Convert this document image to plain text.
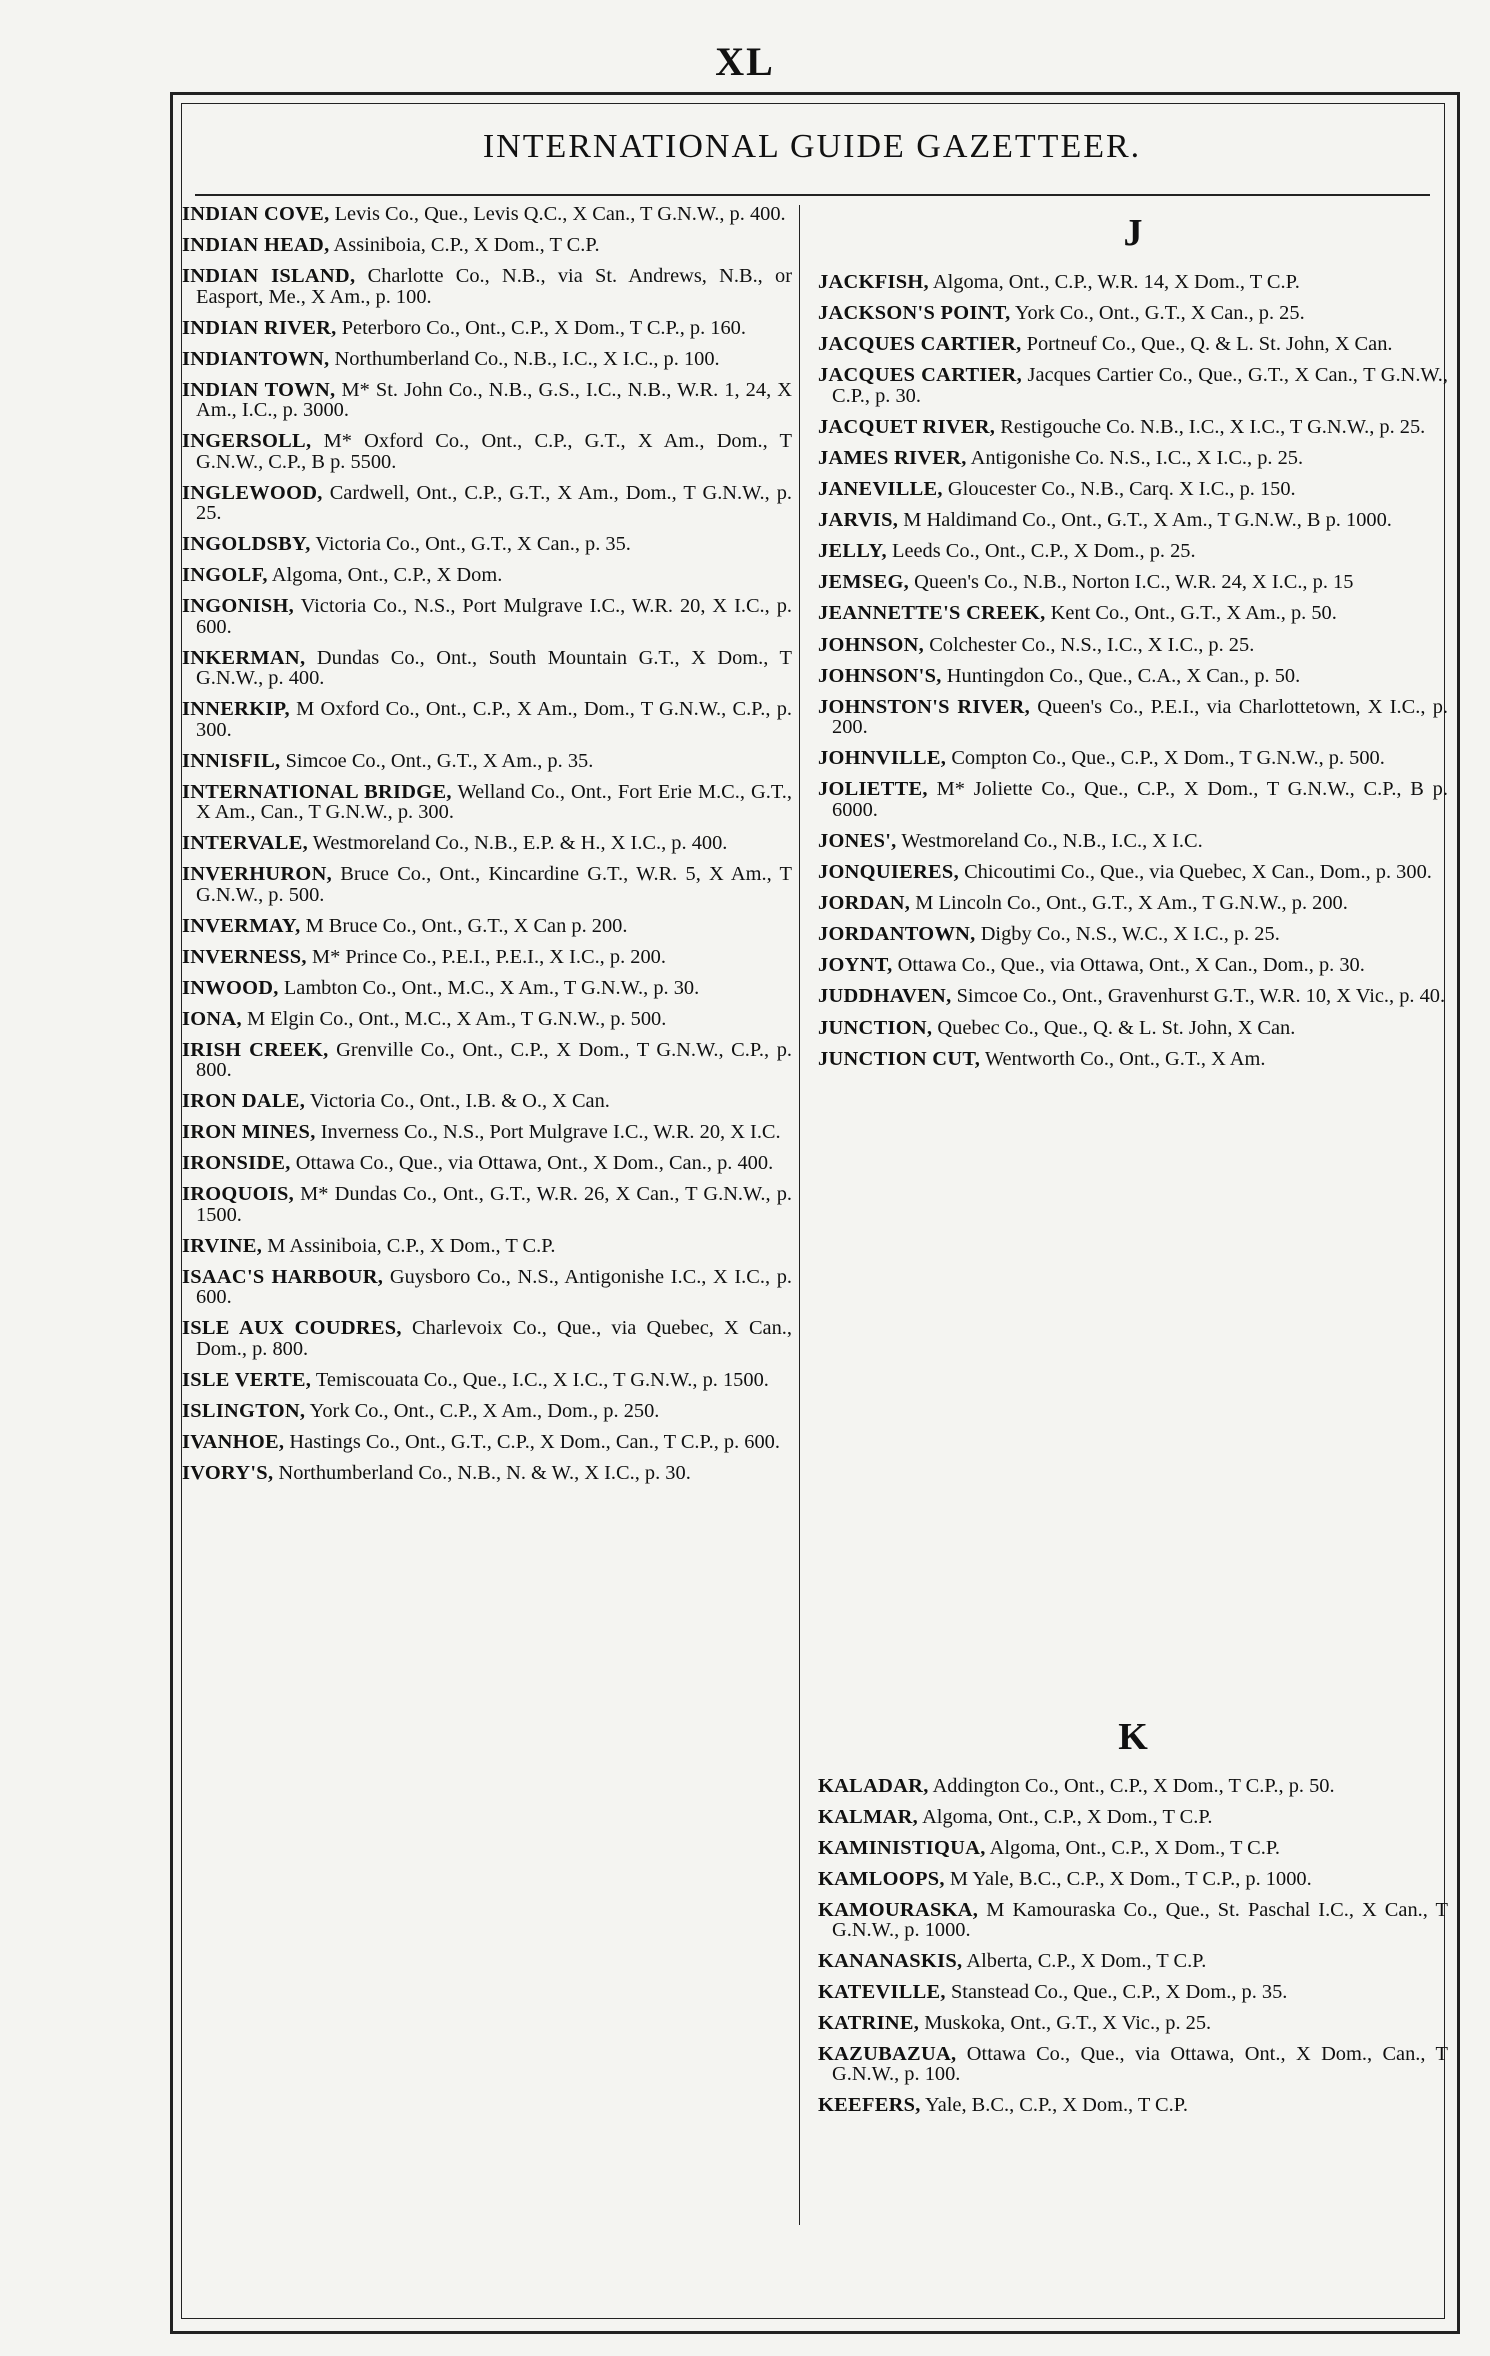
XL
INTERNATIONAL GUIDE GAZETTEER.
INDIAN COVE, Levis Co., Que., Levis Q.C., X Can., T G.N.W., p. 400.
INDIAN HEAD, Assiniboia, C.P., X Dom., T C.P.
INDIAN ISLAND, Charlotte Co., N.B., via St. Andrews, N.B., or Easport, Me., X Am., p. 100.
INDIAN RIVER, Peterboro Co., Ont., C.P., X Dom., T C.P., p. 160.
INDIANTOWN, Northumberland Co., N.B., I.C., X I.C., p. 100.
INDIAN TOWN, M* St. John Co., N.B., G.S., I.C., N.B., W.R. 1, 24, X Am., I.C., p. 3000.
INGERSOLL, M* Oxford Co., Ont., C.P., G.T., X Am., Dom., T G.N.W., C.P., B p. 5500.
INGLEWOOD, Cardwell, Ont., C.P., G.T., X Am., Dom., T G.N.W., p. 25.
INGOLDSBY, Victoria Co., Ont., G.T., X Can., p. 35.
INGOLF, Algoma, Ont., C.P., X Dom.
INGONISH, Victoria Co., N.S., Port Mulgrave I.C., W.R. 20, X I.C., p. 600.
INKERMAN, Dundas Co., Ont., South Mountain G.T., X Dom., T G.N.W., p. 400.
INNERKIP, M Oxford Co., Ont., C.P., X Am., Dom., T G.N.W., C.P., p. 300.
INNISFIL, Simcoe Co., Ont., G.T., X Am., p. 35.
INTERNATIONAL BRIDGE, Welland Co., Ont., Fort Erie M.C., G.T., X Am., Can., T G.N.W., p. 300.
INTERVALE, Westmoreland Co., N.B., E.P. & H., X I.C., p. 400.
INVERHURON, Bruce Co., Ont., Kincardine G.T., W.R. 5, X Am., T G.N.W., p. 500.
INVERMAY, M Bruce Co., Ont., G.T., X Can p. 200.
INVERNESS, M* Prince Co., P.E.I., P.E.I., X I.C., p. 200.
INWOOD, Lambton Co., Ont., M.C., X Am., T G.N.W., p. 30.
IONA, M Elgin Co., Ont., M.C., X Am., T G.N.W., p. 500.
IRISH CREEK, Grenville Co., Ont., C.P., X Dom., T G.N.W., C.P., p. 800.
IRON DALE, Victoria Co., Ont., I.B. & O., X Can.
IRON MINES, Inverness Co., N.S., Port Mulgrave I.C., W.R. 20, X I.C.
IRONSIDE, Ottawa Co., Que., via Ottawa, Ont., X Dom., Can., p. 400.
IROQUOIS, M* Dundas Co., Ont., G.T., W.R. 26, X Can., T G.N.W., p. 1500.
IRVINE, M Assiniboia, C.P., X Dom., T C.P.
ISAAC'S HARBOUR, Guysboro Co., N.S., Antigonishe I.C., X I.C., p. 600.
ISLE AUX COUDRES, Charlevoix Co., Que., via Quebec, X Can., Dom., p. 800.
ISLE VERTE, Temiscouata Co., Que., I.C., X I.C., T G.N.W., p. 1500.
ISLINGTON, York Co., Ont., C.P., X Am., Dom., p. 250.
IVANHOE, Hastings Co., Ont., G.T., C.P., X Dom., Can., T C.P., p. 600.
IVORY'S, Northumberland Co., N.B., N. & W., X I.C., p. 30.
J
JACKFISH, Algoma, Ont., C.P., W.R. 14, X Dom., T C.P.
JACKSON'S POINT, York Co., Ont., G.T., X Can., p. 25.
JACQUES CARTIER, Portneuf Co., Que., Q. & L. St. John, X Can.
JACQUES CARTIER, Jacques Cartier Co., Que., G.T., X Can., T G.N.W., C.P., p. 30.
JACQUET RIVER, Restigouche Co. N.B., I.C., X I.C., T G.N.W., p. 25.
JAMES RIVER, Antigonishe Co. N.S., I.C., X I.C., p. 25.
JANEVILLE, Gloucester Co., N.B., Carq. X I.C., p. 150.
JARVIS, M Haldimand Co., Ont., G.T., X Am., T G.N.W., B p. 1000.
JELLY, Leeds Co., Ont., C.P., X Dom., p. 25.
JEMSEG, Queen's Co., N.B., Norton I.C., W.R. 24, X I.C., p. 15
JEANNETTE'S CREEK, Kent Co., Ont., G.T., X Am., p. 50.
JOHNSON, Colchester Co., N.S., I.C., X I.C., p. 25.
JOHNSON'S, Huntingdon Co., Que., C.A., X Can., p. 50.
JOHNSTON'S RIVER, Queen's Co., P.E.I., via Charlottetown, X I.C., p. 200.
JOHNVILLE, Compton Co., Que., C.P., X Dom., T G.N.W., p. 500.
JOLIETTE, M* Joliette Co., Que., C.P., X Dom., T G.N.W., C.P., B p. 6000.
JONES', Westmoreland Co., N.B., I.C., X I.C.
JONQUIERES, Chicoutimi Co., Que., via Quebec, X Can., Dom., p. 300.
JORDAN, M Lincoln Co., Ont., G.T., X Am., T G.N.W., p. 200.
JORDANTOWN, Digby Co., N.S., W.C., X I.C., p. 25.
JOYNT, Ottawa Co., Que., via Ottawa, Ont., X Can., Dom., p. 30.
JUDDHAVEN, Simcoe Co., Ont., Gravenhurst G.T., W.R. 10, X Vic., p. 40.
JUNCTION, Quebec Co., Que., Q. & L. St. John, X Can.
JUNCTION CUT, Wentworth Co., Ont., G.T., X Am.
K
KALADAR, Addington Co., Ont., C.P., X Dom., T C.P., p. 50.
KALMAR, Algoma, Ont., C.P., X Dom., T C.P.
KAMINISTIQUA, Algoma, Ont., C.P., X Dom., T C.P.
KAMLOOPS, M Yale, B.C., C.P., X Dom., T C.P., p. 1000.
KAMOURASKA, M Kamouraska Co., Que., St. Paschal I.C., X Can., T G.N.W., p. 1000.
KANANASKIS, Alberta, C.P., X Dom., T C.P.
KATEVILLE, Stanstead Co., Que., C.P., X Dom., p. 35.
KATRINE, Muskoka, Ont., G.T., X Vic., p. 25.
KAZUBAZUA, Ottawa Co., Que., via Ottawa, Ont., X Dom., Can., T G.N.W., p. 100.
KEEFERS, Yale, B.C., C.P., X Dom., T C.P.
